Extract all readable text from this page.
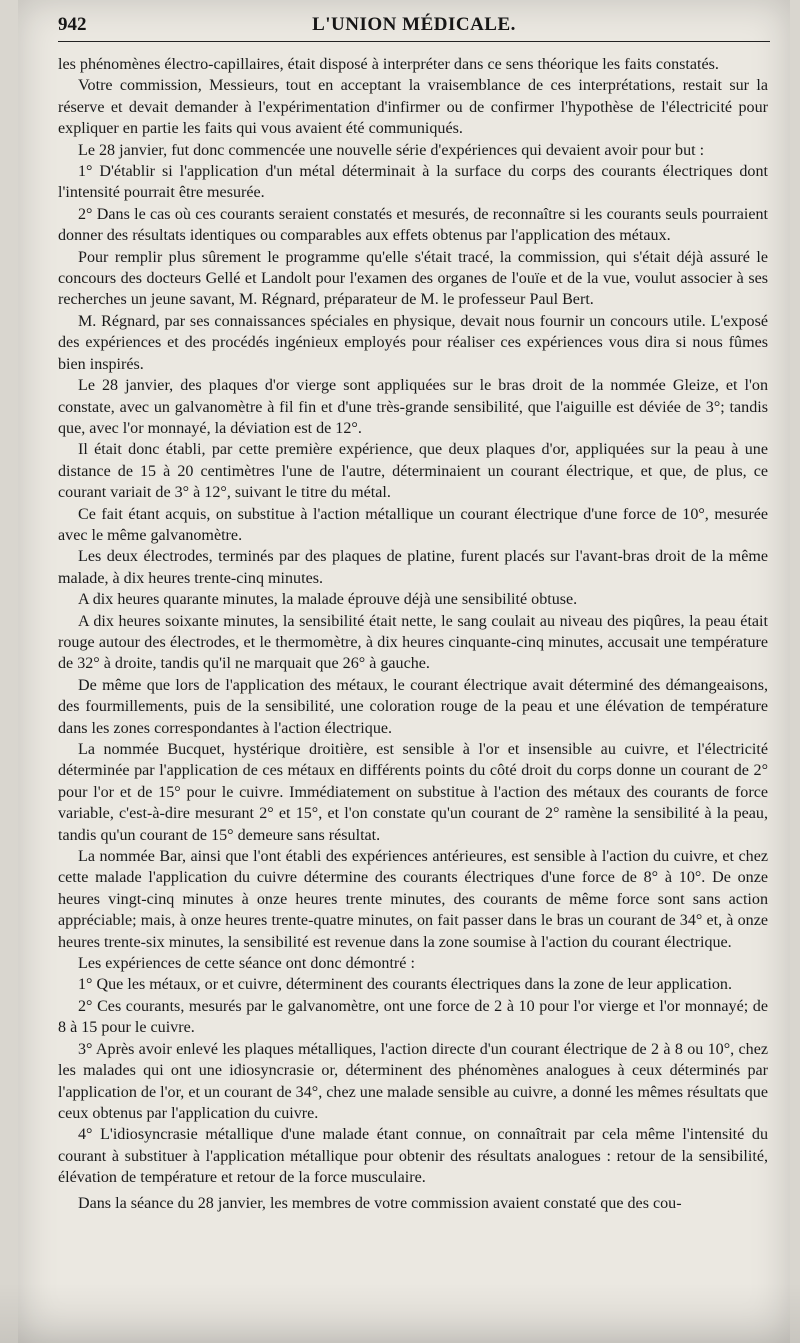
942	L'UNION MÉDICALE.

les phénomènes électro-capillaires, était disposé à interpréter dans ce sens théorique les faits constatés.

Votre commission, Messieurs, tout en acceptant la vraisemblance de ces interprétations, restait sur la réserve et devait demander à l'expérimentation d'infirmer ou de confirmer l'hypothèse de l'électricité pour expliquer en partie les faits qui vous avaient été communiqués.

Le 28 janvier, fut donc commencée une nouvelle série d'expériences qui devaient avoir pour but :

1° D'établir si l'application d'un métal déterminait à la surface du corps des courants électriques dont l'intensité pourrait être mesurée.

2° Dans le cas où ces courants seraient constatés et mesurés, de reconnaître si les courants seuls pourraient donner des résultats identiques ou comparables aux effets obtenus par l'application des métaux.

Pour remplir plus sûrement le programme qu'elle s'était tracé, la commission, qui s'était déjà assuré le concours des docteurs Gellé et Landolt pour l'examen des organes de l'ouïe et de la vue, voulut associer à ses recherches un jeune savant, M. Régnard, préparateur de M. le professeur Paul Bert.

M. Régnard, par ses connaissances spéciales en physique, devait nous fournir un concours utile. L'exposé des expériences et des procédés ingénieux employés pour réaliser ces expériences vous dira si nous fûmes bien inspirés.

Le 28 janvier, des plaques d'or vierge sont appliquées sur le bras droit de la nommée Gleize, et l'on constate, avec un galvanomètre à fil fin et d'une très-grande sensibilité, que l'aiguille est déviée de 3°; tandis que, avec l'or monnayé, la déviation est de 12°.

Il était donc établi, par cette première expérience, que deux plaques d'or, appliquées sur la peau à une distance de 15 à 20 centimètres l'une de l'autre, déterminaient un courant électrique, et que, de plus, ce courant variait de 3° à 12°, suivant le titre du métal.

Ce fait étant acquis, on substitue à l'action métallique un courant électrique d'une force de 10°, mesurée avec le même galvanomètre.

Les deux électrodes, terminés par des plaques de platine, furent placés sur l'avant-bras droit de la même malade, à dix heures trente-cinq minutes.

A dix heures quarante minutes, la malade éprouve déjà une sensibilité obtuse.

A dix heures soixante minutes, la sensibilité était nette, le sang coulait au niveau des piqûres, la peau était rouge autour des électrodes, et le thermomètre, à dix heures cinquante-cinq minutes, accusait une température de 32° à droite, tandis qu'il ne marquait que 26° à gauche.

De même que lors de l'application des métaux, le courant électrique avait déterminé des démangeaisons, des fourmillements, puis de la sensibilité, une coloration rouge de la peau et une élévation de température dans les zones correspondantes à l'action électrique.

La nommée Bucquet, hystérique droitière, est sensible à l'or et insensible au cuivre, et l'électricité déterminée par l'application de ces métaux en différents points du côté droit du corps donne un courant de 2° pour l'or et de 15° pour le cuivre. Immédiatement on substitue à l'action des métaux des courants de force variable, c'est-à-dire mesurant 2° et 15°, et l'on constate qu'un courant de 2° ramène la sensibilité à la peau, tandis qu'un courant de 15° demeure sans résultat.

La nommée Bar, ainsi que l'ont établi des expériences antérieures, est sensible à l'action du cuivre, et chez cette malade l'application du cuivre détermine des courants électriques d'une force de 8° à 10°. De onze heures vingt-cinq minutes à onze heures trente minutes, des courants de même force sont sans action appréciable; mais, à onze heures trente-quatre minutes, on fait passer dans le bras un courant de 34° et, à onze heures trente-six minutes, la sensibilité est revenue dans la zone soumise à l'action du courant électrique.

Les expériences de cette séance ont donc démontré :

1° Que les métaux, or et cuivre, déterminent des courants électriques dans la zone de leur application.

2° Ces courants, mesurés par le galvanomètre, ont une force de 2 à 10 pour l'or vierge et l'or monnayé; de 8 à 15 pour le cuivre.

3° Après avoir enlevé les plaques métalliques, l'action directe d'un courant électrique de 2 à 8 ou 10°, chez les malades qui ont une idiosyncrasie or, déterminent des phénomènes analogues à ceux déterminés par l'application de l'or, et un courant de 34°, chez une malade sensible au cuivre, a donné les mêmes résultats que ceux obtenus par l'application du cuivre.

4° L'idiosyncrasie métallique d'une malade étant connue, on connaîtrait par cela même l'intensité du courant à substituer à l'application métallique pour obtenir des résultats analogues : retour de la sensibilité, élévation de température et retour de la force musculaire.

Dans la séance du 28 janvier, les membres de votre commission avaient constaté que des cou-
